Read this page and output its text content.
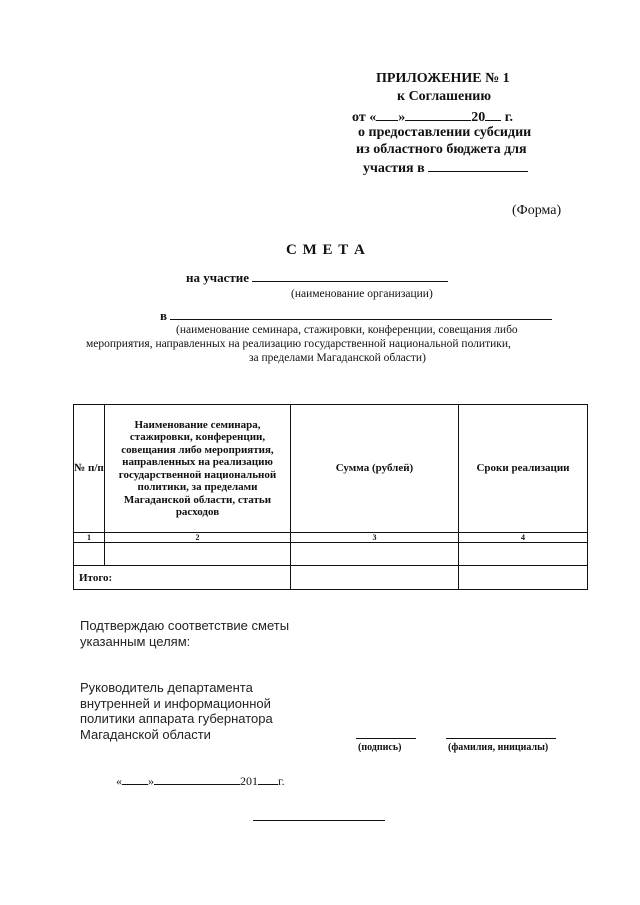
ПРИЛОЖЕНИЕ № 1
к Соглашению
от « »	20 г.
о предоставлении субсидии
из областного бюджета для
участия в
(Форма)
С М Е Т А
на участие
(наименование организации)
в
(наименование семинара, стажировки, конференции, совещания либо
мероприятия, направленных на реализацию государственной национальной политики,
за пределами Магаданской области)
№ п/п	Наименование семинара, стажировки, конференции, совещания либо мероприятия, направленных на реализацию государственной национальной политики, за пределами Магаданской области, статьи расходов	Сумма (рублей)	Сроки реализации
1	2	3	4

Итого:			
Подтверждаю соответствие сметы
указанным целям:
Руководитель департамента
внутренней и информационной
политики аппарата губернатора
Магаданской области
(подпись)	(фамилия, инициалы)
« »	201 г.
